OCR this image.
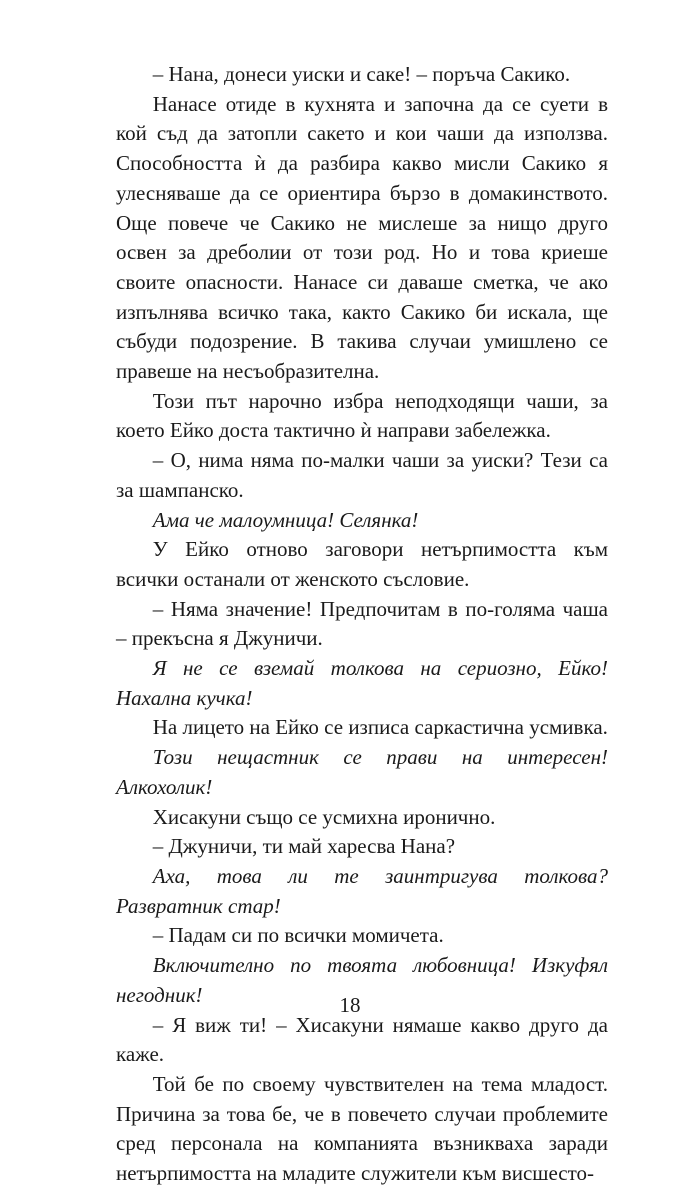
– Нана, донеси уиски и саке! – поръча Сакико.

Нанасе отиде в кухнята и започна да се суети в кой съд да затопли сакето и кои чаши да използва. Способността ѝ да разбира какво мисли Сакико я улесняваше да се ориентира бързо в домакинството. Още повече че Сакико не мислеше за нищо друго освен за дреболии от този род. Но и това криеше своите опасности. Нанасе си даваше сметка, че ако изпълнява всичко така, както Сакико би искала, ще събуди подозрение. В такива случаи умишлено се правеше на несъобразителна.

Този път нарочно избра неподходящи чаши, за което Ейко доста тактично ѝ направи забележка.

– О, нима няма по-малки чаши за уиски? Тези са за шампанско.

Ама че малоумница! Селянка!

У Ейко отново заговори нетърпимостта към всички останали от женското съсловие.

– Няма значение! Предпочитам в по-голяма чаша – прекъсна я Джуничи.

Я не се вземай толкова на сериозно, Ейко! Нахална кучка!

На лицето на Ейко се изписа саркастична усмивка.

Този нещастник се прави на интересен! Алкохолик!

Хисакуни също се усмихна иронично.

– Джуничи, ти май харесва Нана?

Аха, това ли те заинтригува толкова? Развратник стар!

– Падам си по всички момичета.

Включително по твоята любовница! Изкуфял негодник!

– Я виж ти! – Хисакуни нямаше какво друго да каже.

Той бе по своему чувствителен на тема младост. Причина за това бе, че в повечето случаи проблемите сред персонала на компанията възникваха заради нетърпимостта на младите служители към висшесто-

18
